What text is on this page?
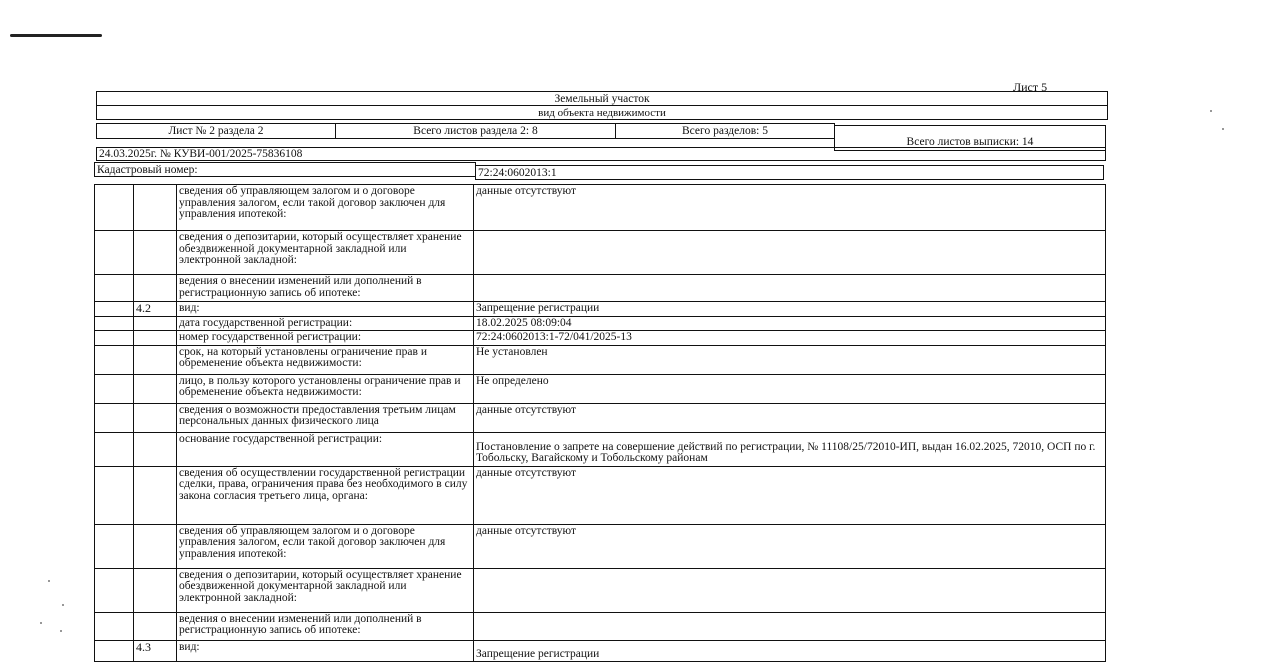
Лист 5
Земельный участок
вид объекта недвижимости
Лист № 2 раздела 2	Всего листов раздела 2: 8	Всего разделов: 5
Всего листов выписки: 14
24.03.2025г. № КУВИ-001/2025-75836108
Кадастровый номер:	72:24:0602013:1
		сведения об управляющем залогом и о договоре управления залогом, если такой договор заключен для управления ипотекой:	данные отсутствуют
		сведения о депозитарии, который осуществляет хранение обездвиженной документарной закладной или электронной закладной:	
		ведения о внесении изменений или дополнений в регистрационную запись об ипотеке:	
	4.2	вид:	Запрещение регистрации
		дата государственной регистрации:	18.02.2025 08:09:04
		номер государственной регистрации:	72:24:0602013:1-72/041/2025-13
		срок, на который установлены ограничение прав и обременение объекта недвижимости:	Не установлен
		лицо, в пользу которого установлены ограничение прав и обременение объекта недвижимости:	Не определено
		сведения о возможности предоставления третьим лицам персональных данных физического лица	данные отсутствуют
		основание государственной регистрации:	Постановление о запрете на совершение действий по регистрации, № 11108/25/72010-ИП, выдан 16.02.2025, 72010, ОСП по г. Тобольску, Вагайскому и Тобольскому районам
		сведения об осуществлении государственной регистрации сделки, права, ограничения права без необходимого в силу закона согласия третьего лица, органа:	данные отсутствуют
		сведения об управляющем залогом и о договоре управления залогом, если такой договор заключен для управления ипотекой:	данные отсутствуют
		сведения о депозитарии, который осуществляет хранение обездвиженной документарной закладной или электронной закладной:	
		ведения о внесении изменений или дополнений в регистрационную запись об ипотеке:	
	4.3	вид:	Запрещение регистрации
